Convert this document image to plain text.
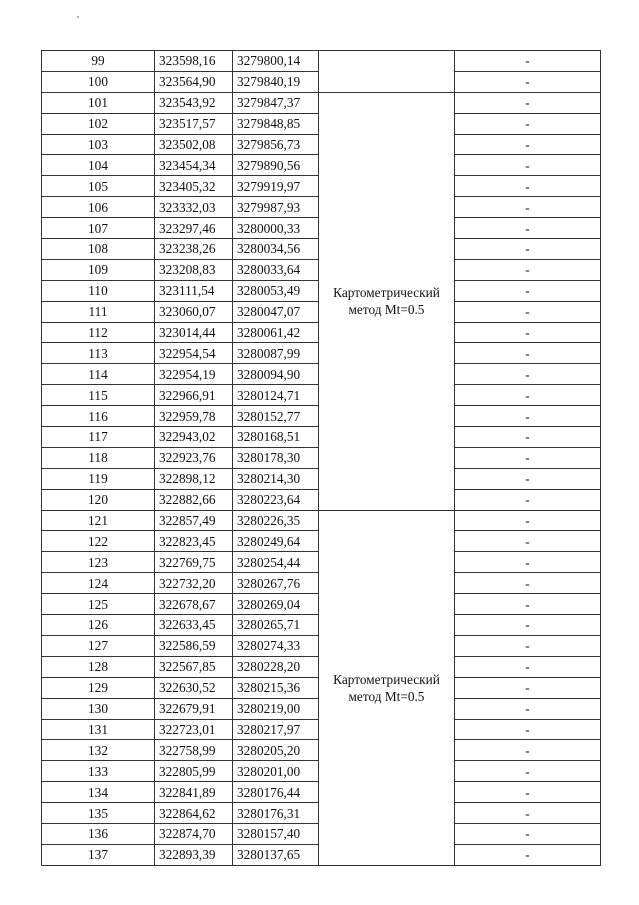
99	323598,16	3279800,14		-
100	323564,90	3279840,19		-
101	323543,92	3279847,37	Картометрический метод Mt=0.5	-
102	323517,57	3279848,85		-
103	323502,08	3279856,73		-
104	323454,34	3279890,56		-
105	323405,32	3279919,97		-
106	323332,03	3279987,93		-
107	323297,46	3280000,33		-
108	323238,26	3280034,56		-
109	323208,83	3280033,64		-
110	323111,54	3280053,49		-
111	323060,07	3280047,07		-
112	323014,44	3280061,42		-
113	322954,54	3280087,99		-
114	322954,19	3280094,90		-
115	322966,91	3280124,71		-
116	322959,78	3280152,77		-
117	322943,02	3280168,51		-
118	322923,76	3280178,30		-
119	322898,12	3280214,30		-
120	322882,66	3280223,64		-
121	322857,49	3280226,35	Картометрический метод Mt=0.5	-
122	322823,45	3280249,64		-
123	322769,75	3280254,44		-
124	322732,20	3280267,76		-
125	322678,67	3280269,04		-
126	322633,45	3280265,71		-
127	322586,59	3280274,33		-
128	322567,85	3280228,20		-
129	322630,52	3280215,36		-
130	322679,91	3280219,00		-
131	322723,01	3280217,97		-
132	322758,99	3280205,20		-
133	322805,99	3280201,00		-
134	322841,89	3280176,44		-
135	322864,62	3280176,31		-
136	322874,70	3280157,40		-
137	322893,39	3280137,65		-
